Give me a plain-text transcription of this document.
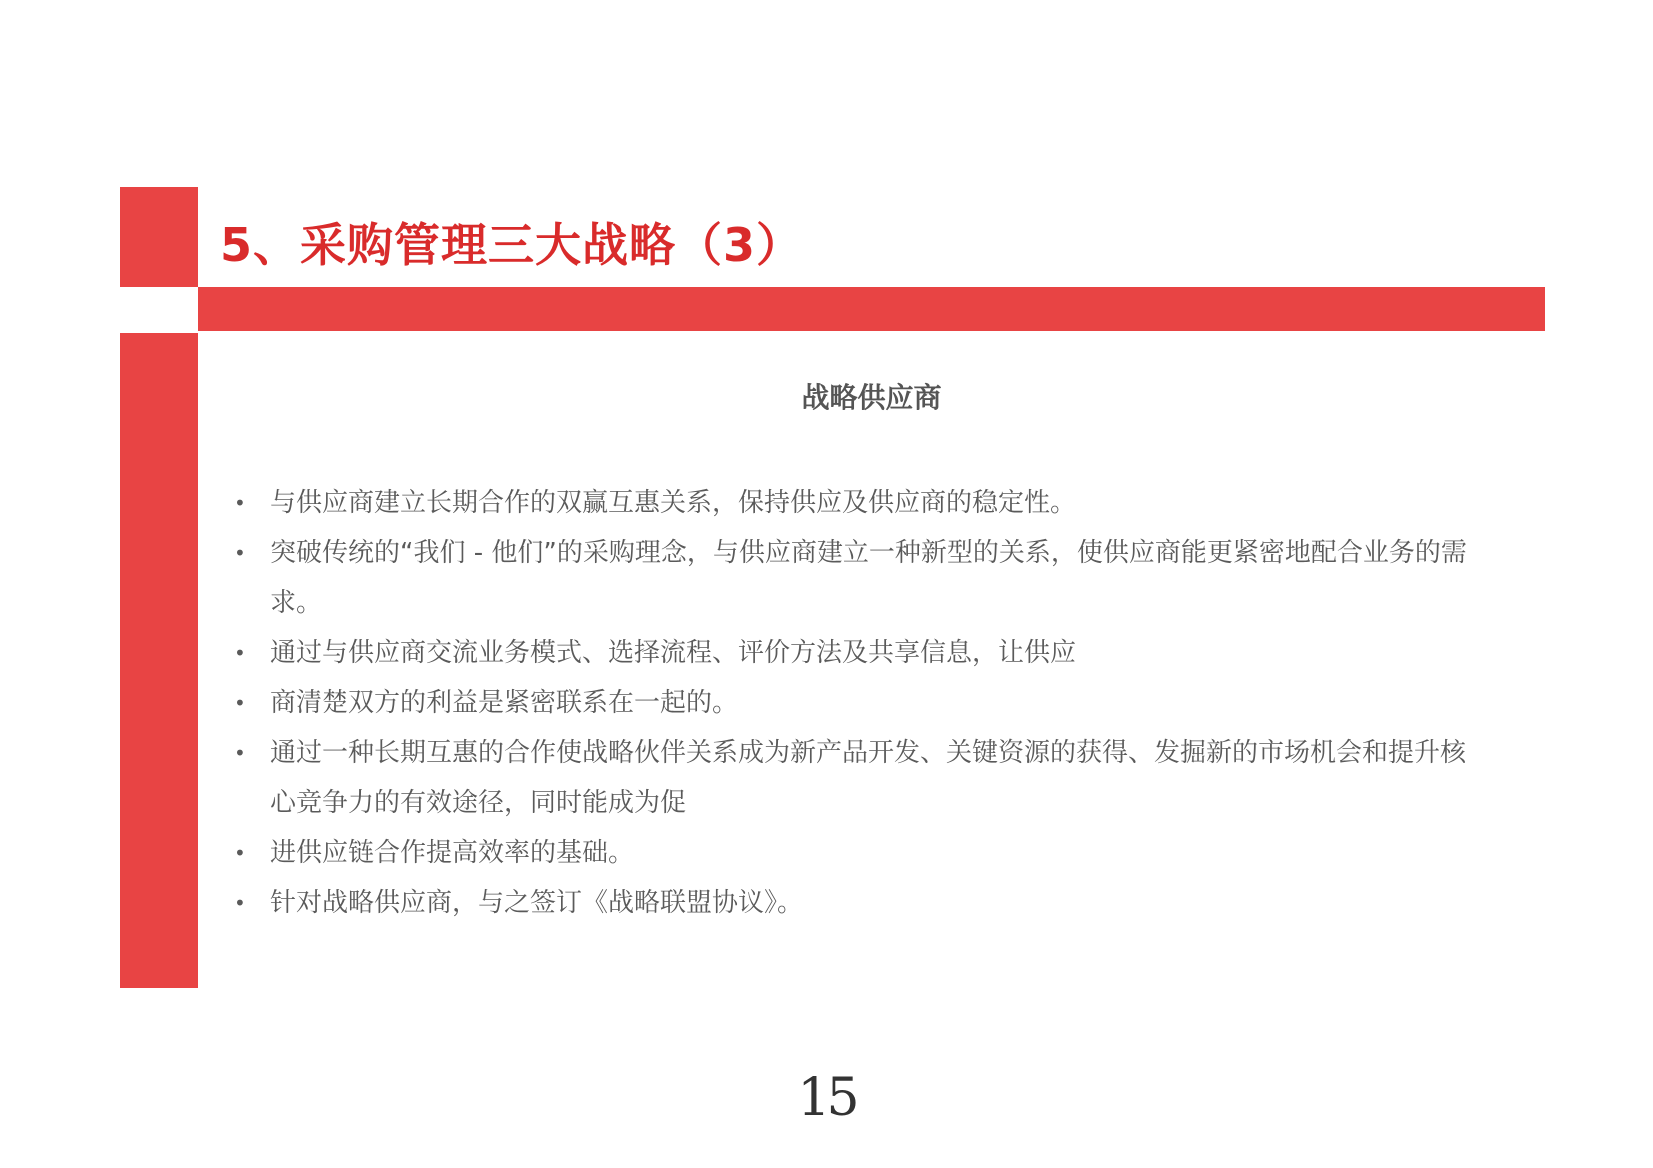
5、采购管理三大战略（3）
战略供应商
• 与供应商建立长期合作的双赢互惠关系，保持供应及供应商的稳定性。
• 突破传统的“我们 - 他们”的采购理念，与供应商建立一种新型的关系，使供应商能更紧密地配合业务的需求。
• 通过与供应商交流业务模式、选择流程、评价方法及共享信息，让供应
• 商清楚双方的利益是紧密联系在一起的。
• 通过一种长期互惠的合作使战略伙伴关系成为新产品开发、关键资源的获得、发掘新的市场机会和提升核心竞争力的有效途径，同时能成为促
• 进供应链合作提高效率的基础。
• 针对战略供应商，与之签订《战略联盟协议》。
15
